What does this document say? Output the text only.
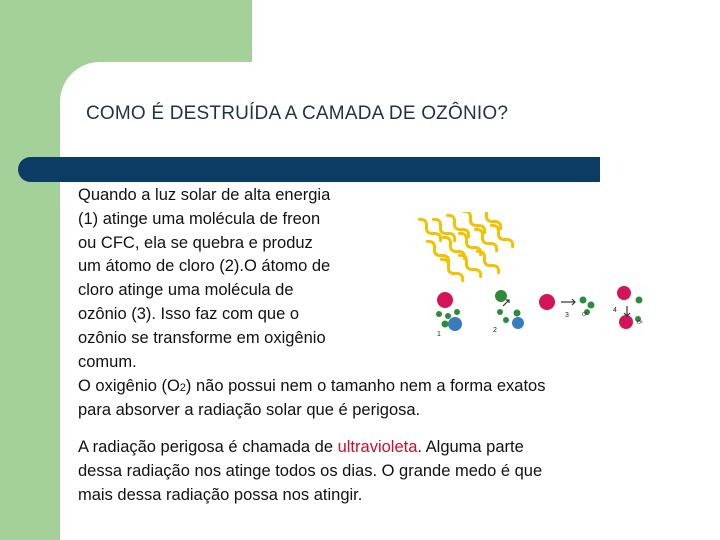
COMO É DESTRUÍDA A CAMADA DE OZÔNIO?
Quando a luz solar de alta energia
(1) atinge uma molécula de freon
ou CFC, ela se quebra e produz
um átomo de cloro (2).O átomo de
cloro atinge uma molécula de
ozônio (3). Isso faz com que o
ozônio se transforme em oxigênio
comum.
O oxigênio (O2) não possui nem o tamanho nem a forma exatos
para absorver a radiação solar que é perigosa.
A radiação perigosa é chamada de ultravioleta. Alguma parte
dessa radiação nos atinge todos os dias. O grande medo é que
mais dessa radiação possa nos atingir.
1
2
3	O³
4
O²
